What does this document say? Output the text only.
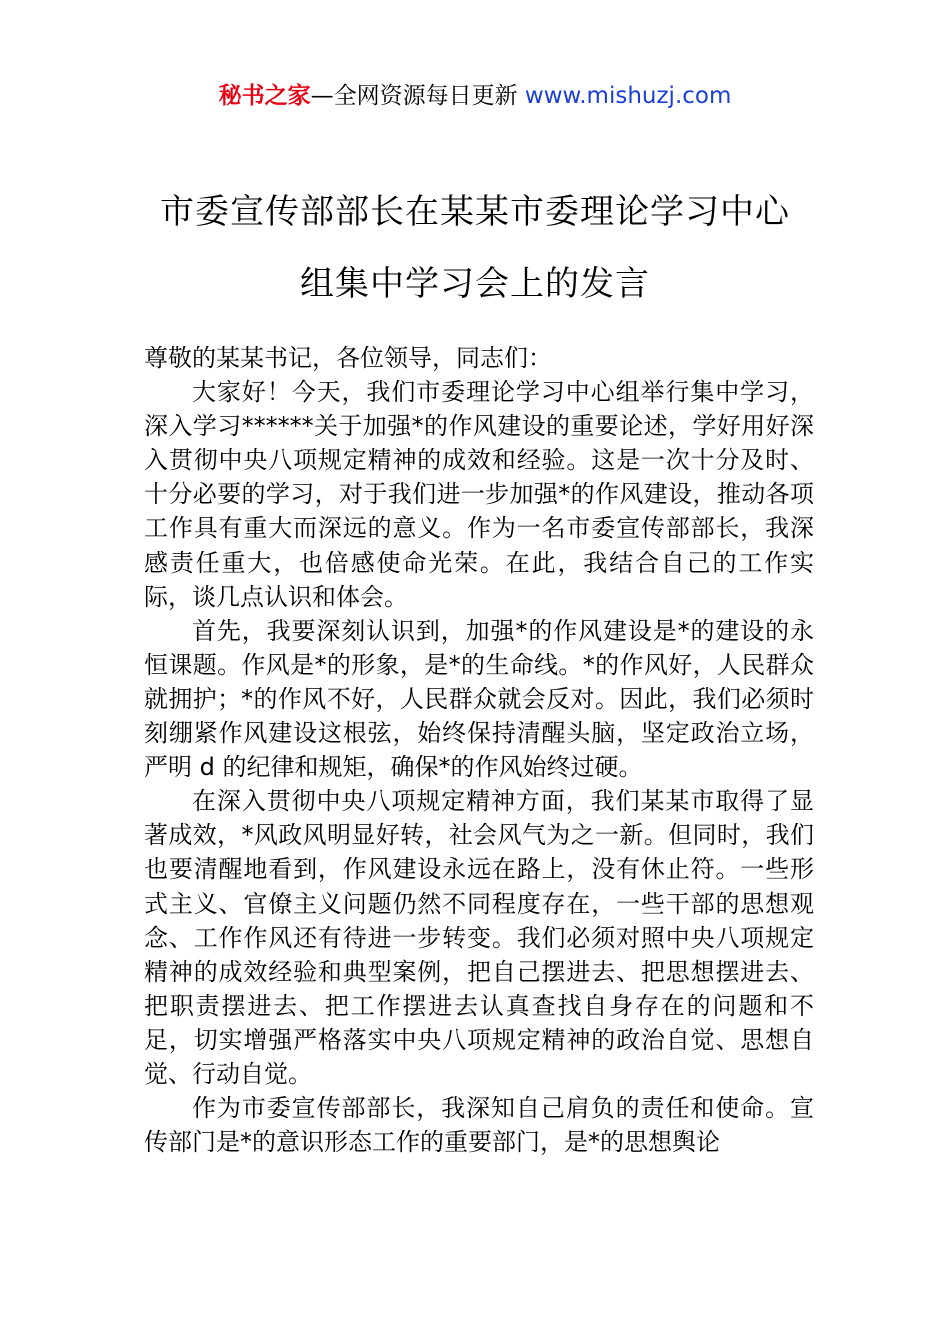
秘书之家—全网资源每日更新 www.mishuzj.com
市委宣传部部长在某某市委理论学习中心
组集中学习会上的发言

尊敬的某某书记，各位领导，同志们：

大家好！今天，我们市委理论学习中心组举行集中学习，深入学习******关于加强*的作风建设的重要论述，学好用好深入贯彻中央八项规定精神的成效和经验。这是一次十分及时、十分必要的学习，对于我们进一步加强*的作风建设，推动各项工作具有重大而深远的意义。作为一名市委宣传部部长，我深感责任重大，也倍感使命光荣。在此，我结合自己的工作实际，谈几点认识和体会。

首先，我要深刻认识到，加强*的作风建设是*的建设的永恒课题。作风是*的形象，是*的生命线。*的作风好，人民群众就拥护；*的作风不好，人民群众就会反对。因此，我们必须时刻绷紧作风建设这根弦，始终保持清醒头脑，坚定政治立场，严明 d 的纪律和规矩，确保*的作风始终过硬。

在深入贯彻中央八项规定精神方面，我们某某市取得了显著成效，*风政风明显好转，社会风气为之一新。但同时，我们也要清醒地看到，作风建设永远在路上，没有休止符。一些形式主义、官僚主义问题仍然不同程度存在，一些干部的思想观念、工作作风还有待进一步转变。我们必须对照中央八项规定精神的成效经验和典型案例，把自己摆进去、把思想摆进去、把职责摆进去、把工作摆进去认真查找自身存在的问题和不足，切实增强严格落实中央八项规定精神的政治自觉、思想自觉、行动自觉。

作为市委宣传部部长，我深知自己肩负的责任和使命。宣传部门是*的意识形态工作的重要部门，是*的思想舆论
